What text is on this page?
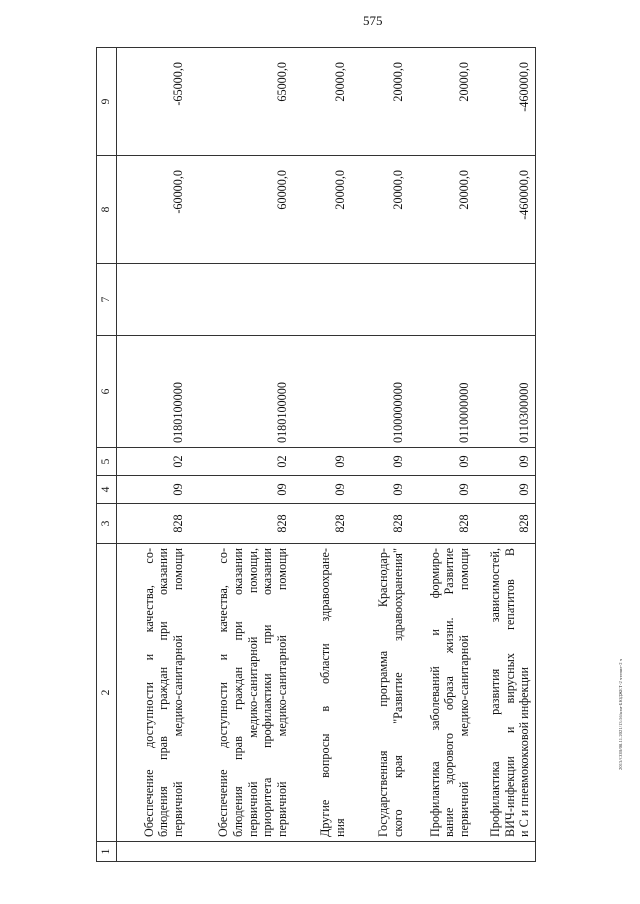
575
2013/СОВ/08.11.2021/13:56/кзм-БЮДЖЕТ-2 чтение-2 ч
1	2	3	4	5	6	7	8	9

	Обеспечение доступности и качества, со- блюдения прав граждан при оказании первичной медико-санитарной помощи	828	09	02	0180100000		-60000,0	-65000,0

	Обеспечение доступности и качества, со- блюдения прав граждан при оказании первичной медико-санитарной помощи, приоритета профилактики при оказании первичной медико-санитарной помощи	828	09	02	0180100000		60000,0	65000,0

	Другие вопросы в области здравоохране- ния	828	09	09			20000,0	20000,0

	Государственная программа Краснодар- ского края "Развитие здравоохранения"	828	09	09	0100000000		20000,0	20000,0

	Профилактика заболеваний и формиро- вание здорового образа жизни. Развитие первичной медико-санитарной помощи	828	09	09	0110000000		20000,0	20000,0

	Профилактика развития зависимостей, ВИЧ-инфекции и вирусных гепатитов В и С и пневмококковой инфекции	828	09	09	0110300000		-460000,0	-460000,0
